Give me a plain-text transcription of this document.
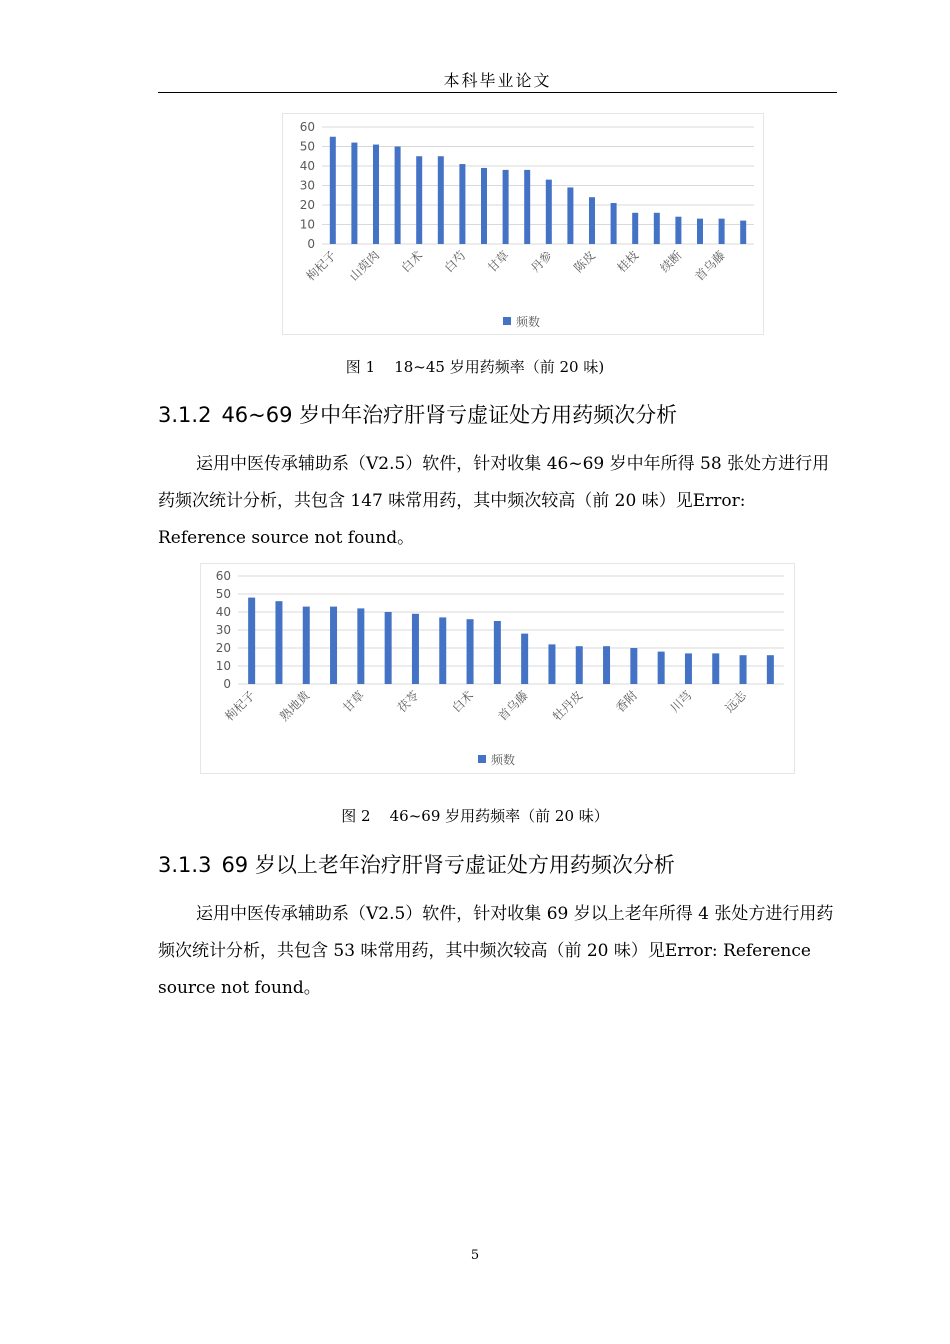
本科毕业论文
60
50
40
30
20
10
0
枸杞子 山萸肉 白术 白芍 甘草 丹参 陈皮 桂枝 续断 首乌藤
频数
图 1 18~45 岁用药频率（前 20 味)
3.1.2 46~69 岁中年治疗肝肾亏虚证处方用药频次分析
运用中医传承辅助系（V2.5）软件，针对收集 46~69 岁中年所得 58 张处方进行用药频次统计分析，共包含 147 味常用药，其中频次较高（前 20 味）见Error: Reference source not found。
60
50
40
30
20
10
0
枸杞子 熟地黄 甘草 茯苓 白术 首乌藤 牡丹皮 香附 川芎 远志
频数
图 2 46~69 岁用药频率（前 20 味）
3.1.3 69 岁以上老年治疗肝肾亏虚证处方用药频次分析
运用中医传承辅助系（V2.5）软件，针对收集 69 岁以上老年所得 4 张处方进行用药频次统计分析，共包含 53 味常用药，其中频次较高（前 20 味）见Error: Reference source not found。
5
